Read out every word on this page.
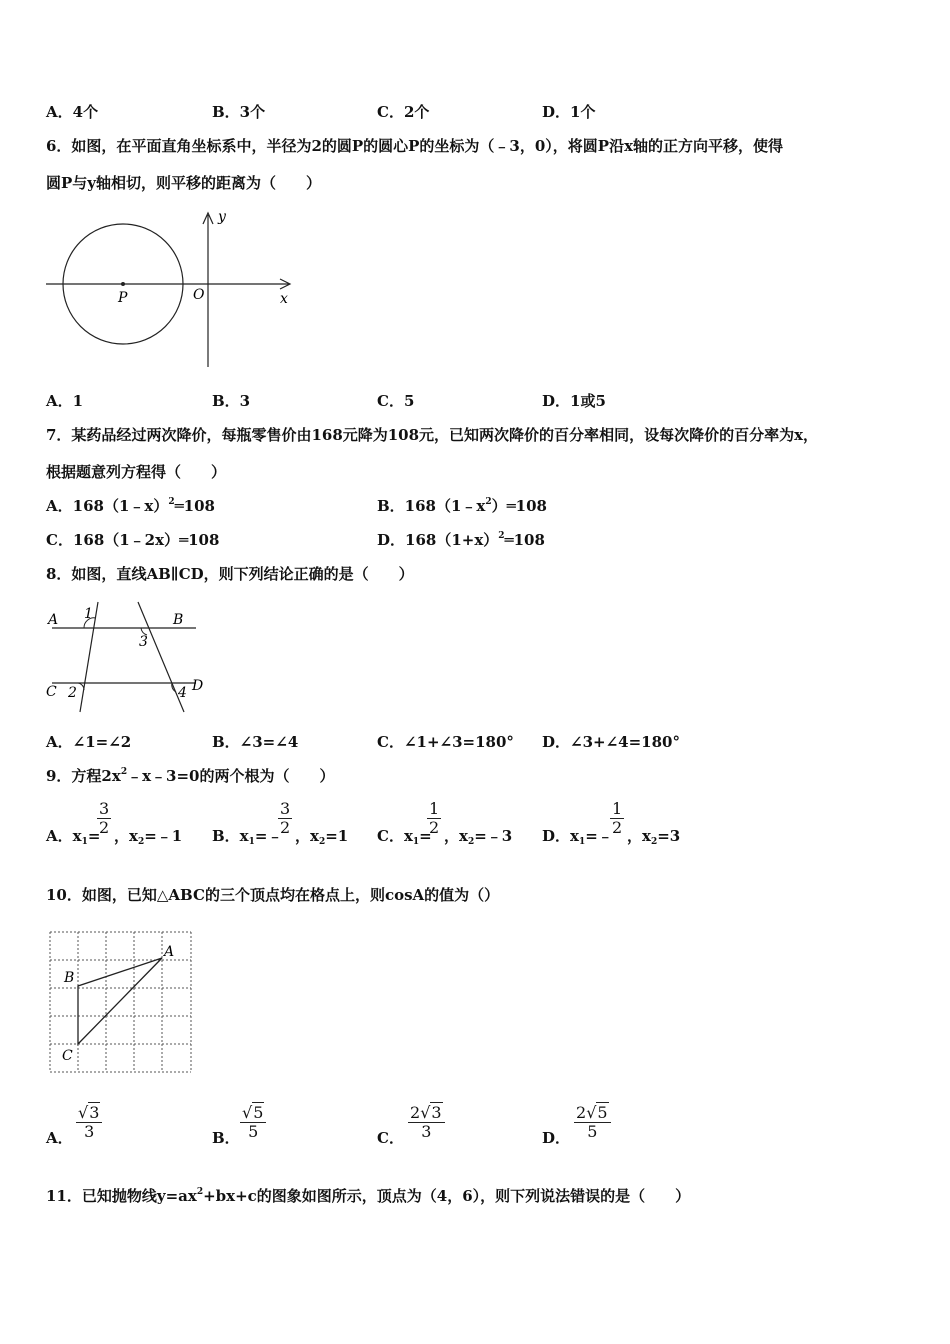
A．4个	B．3个	C．2个	D．1个
6．如图，在平面直角坐标系中，半径为2的圆P的圆心P的坐标为（﹣3，0），将圆P沿x轴的正方向平移，使得
圆P与y轴相切，则平移的距离为（　　）
y
x
O
P
A．1	B．3	C．5	D．1或5
7．某药品经过两次降价，每瓶零售价由168元降为108元，已知两次降价的百分率相同，设每次降价的百分率为x，
根据题意列方程得（　　）
A．168（1﹣x）$^2$═108	B．$168(1﹣x^2)═108$
C．168（1﹣2x）═108	D．$168(1+x)^2═108$
8．如图，直线AB∥CD，则下列结论正确的是（　　）
A	B
C	D
1
3
2	4
A．∠1=∠2	B．∠3=∠4	C．∠1+∠3=180° D．∠3+∠4=180°
9．方程$2x^2﹣x﹣3=0$的两个根为（　　）
A．$x_1=$
3
2 ，$x_2=﹣1$ B．$x_1=﹣$
3
2 ，$x_2=1$ C．$x_1=$
1
2 ，$x_2=﹣3$ D．$x_1=﹣$
1
2 ，$x_2=3$
10．如图，已知△ABC的三个顶点均在格点上，则cosA的值为（）
A
B
C
A．
√3
3	B．
√5
5	C．
2√3
3	D．
2√5
5
11．已知抛物线$y=ax^2+bx+c$的图象如图所示，顶点为（4，6），则下列说法错误的是（　　）
